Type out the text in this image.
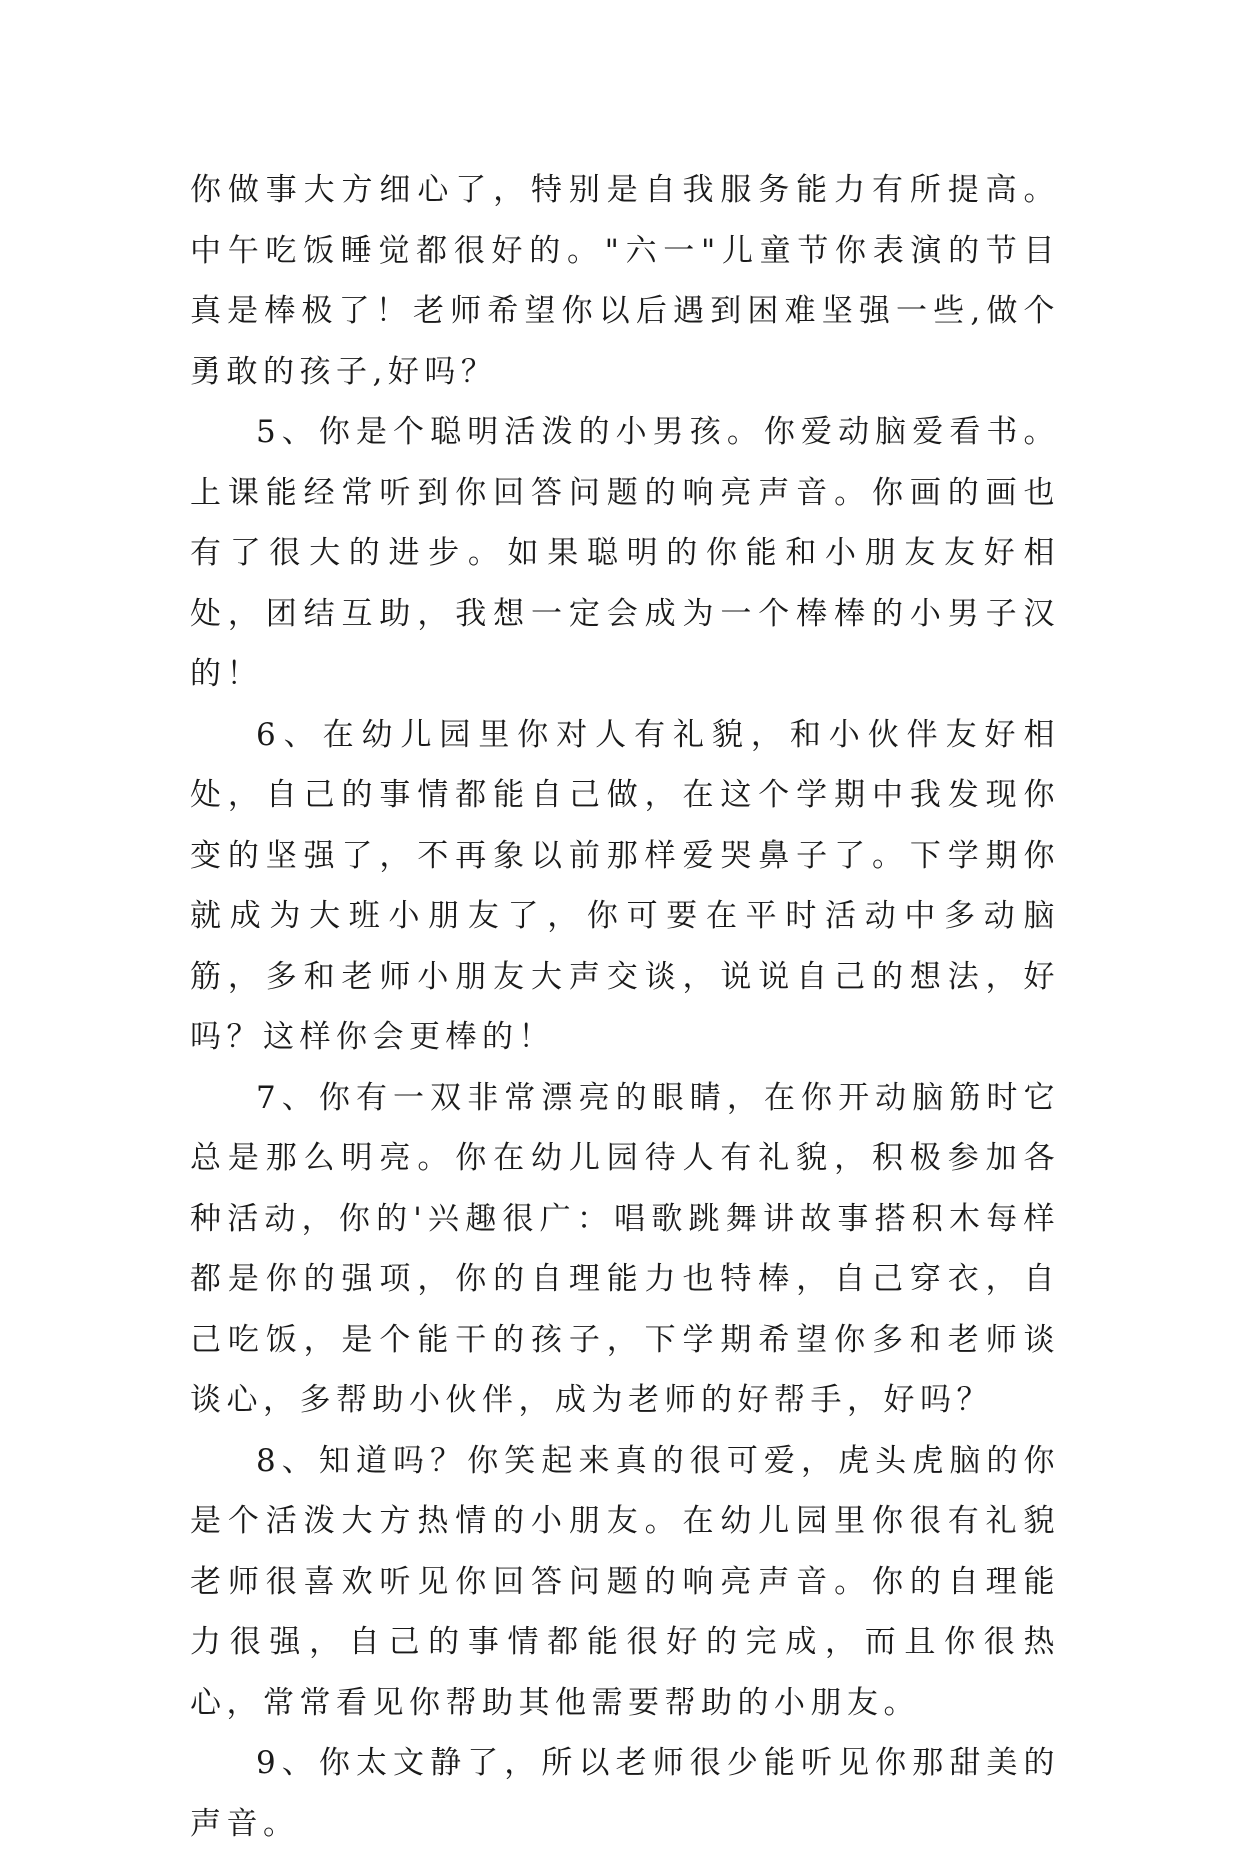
你做事大方细心了，特别是自我服务能力有所提高。中午吃饭睡觉都很好的。"六一"儿童节你表演的节目真是棒极了！老师希望你以后遇到困难坚强一些,做个勇敢的孩子,好吗？

5、你是个聪明活泼的小男孩。你爱动脑爱看书。上课能经常听到你回答问题的响亮声音。你画的画也有了很大的进步。如果聪明的你能和小朋友友好相处，团结互助，我想一定会成为一个棒棒的小男子汉的！

6、在幼儿园里你对人有礼貌，和小伙伴友好相处，自己的事情都能自己做，在这个学期中我发现你变的坚强了，不再象以前那样爱哭鼻子了。下学期你就成为大班小朋友了，你可要在平时活动中多动脑筋，多和老师小朋友大声交谈，说说自己的想法，好吗？这样你会更棒的！

7、你有一双非常漂亮的眼睛，在你开动脑筋时它总是那么明亮。你在幼儿园待人有礼貌，积极参加各种活动，你的'兴趣很广：唱歌跳舞讲故事搭积木每样都是你的强项，你的自理能力也特棒，自己穿衣，自己吃饭，是个能干的孩子，下学期希望你多和老师谈谈心，多帮助小伙伴，成为老师的好帮手，好吗？

8、知道吗？你笑起来真的很可爱，虎头虎脑的你是个活泼大方热情的小朋友。在幼儿园里你很有礼貌老师很喜欢听见你回答问题的响亮声音。你的自理能力很强，自己的事情都能很好的完成，而且你很热心，常常看见你帮助其他需要帮助的小朋友。

9、你太文静了，所以老师很少能听见你那甜美的声音。
